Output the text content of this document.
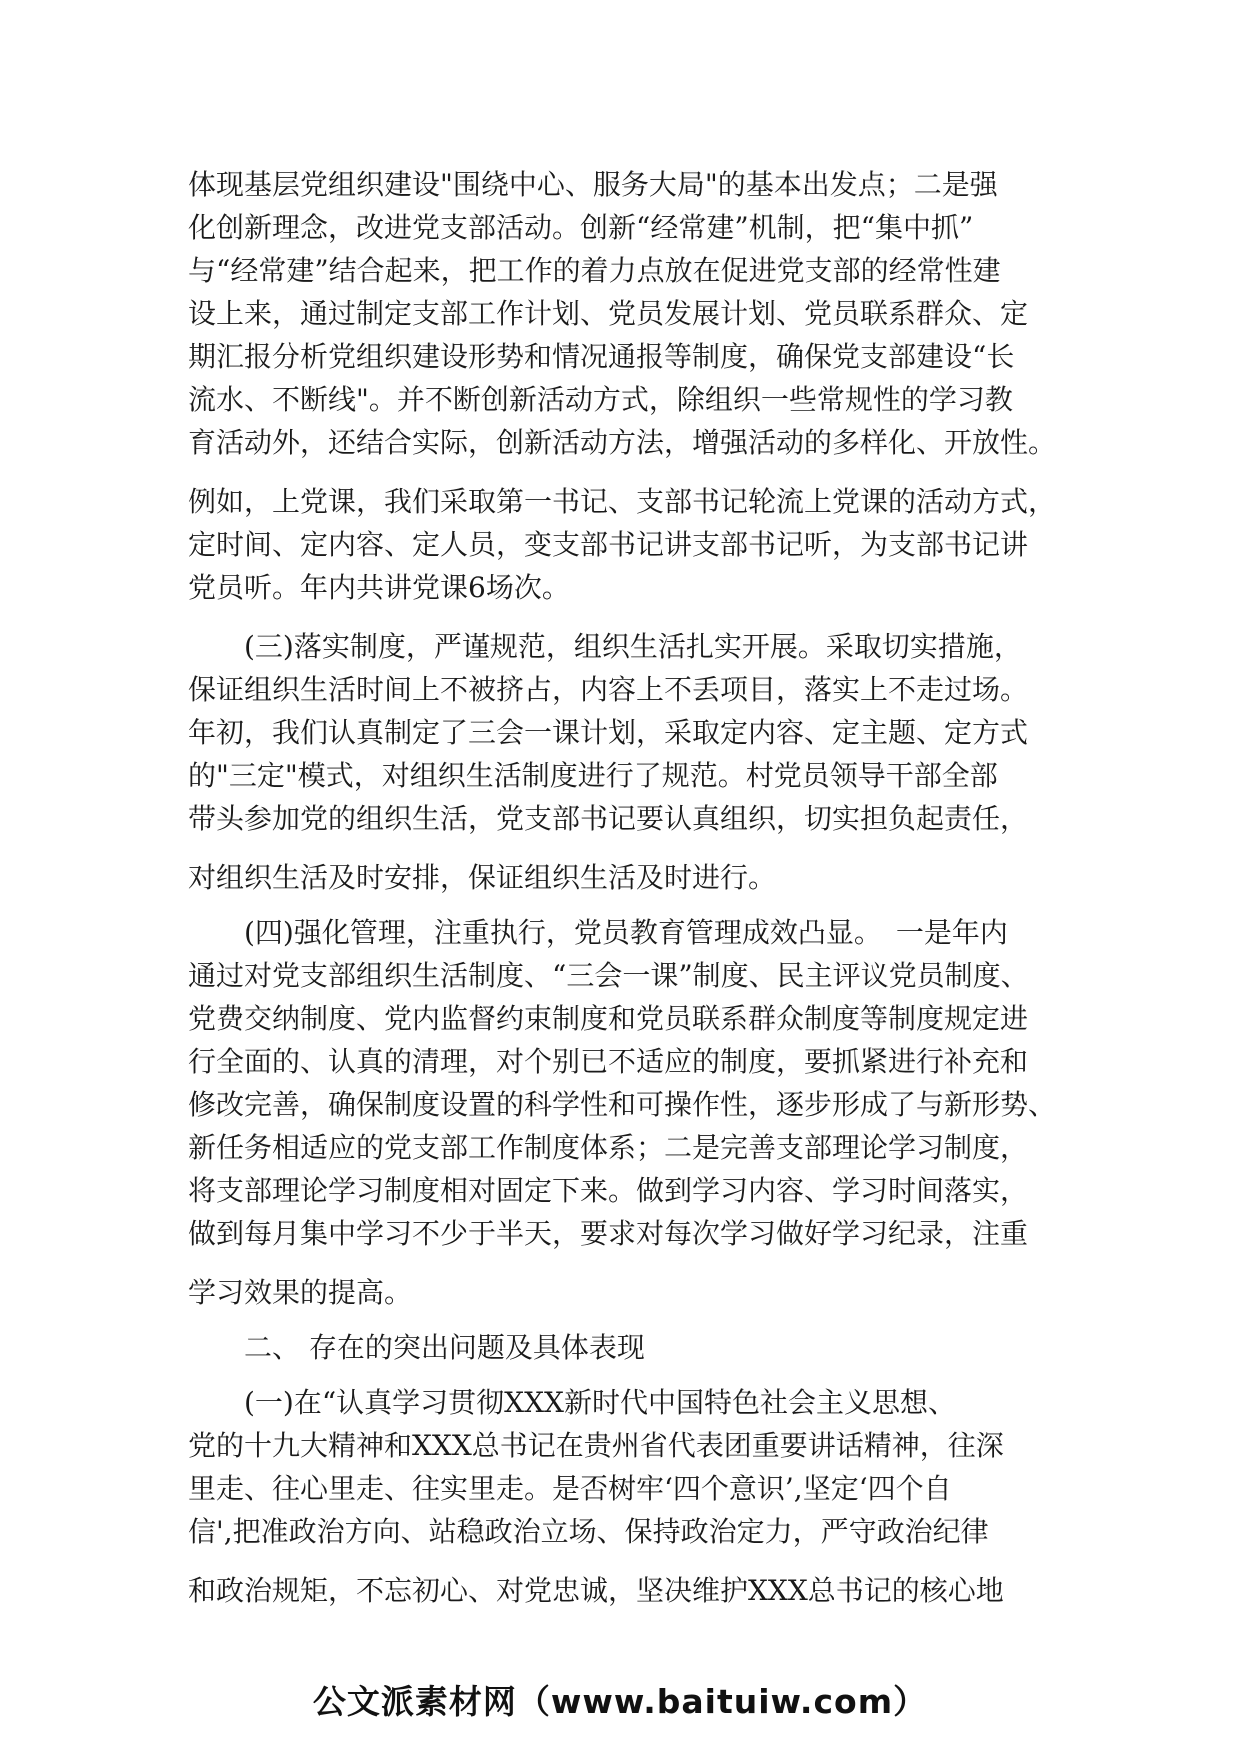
体现基层党组织建设"围绕中心、服务大局"的基本出发点；二是强
化创新理念，改进党支部活动。创新“经常建”机制，把“集中抓”
与“经常建”结合起来，把工作的着力点放在促进党支部的经常性建
设上来，通过制定支部工作计划、党员发展计划、党员联系群众、定
期汇报分析党组织建设形势和情况通报等制度，确保党支部建设“长
流水、不断线"。并不断创新活动方式，除组织一些常规性的学习教
育活动外，还结合实际，创新活动方法，增强活动的多样化、开放性。

例如，上党课，我们采取第一书记、支部书记轮流上党课的活动方式，
定时间、定内容、定人员，变支部书记讲支部书记听，为支部书记讲
党员听。年内共讲党课6场次。

　　(三)落实制度，严谨规范，组织生活扎实开展。采取切实措施，
保证组织生活时间上不被挤占，内容上不丢项目，落实上不走过场。
年初，我们认真制定了三会一课计划，采取定内容、定主题、定方式
的"三定"模式，对组织生活制度进行了规范。村党员领导干部全部
带头参加党的组织生活，党支部书记要认真组织，切实担负起责任，

对组织生活及时安排，保证组织生活及时进行。

　　(四)强化管理，注重执行，党员教育管理成效凸显。　一是年内
通过对党支部组织生活制度、“三会一课”制度、民主评议党员制度、
党费交纳制度、党内监督约束制度和党员联系群众制度等制度规定进
行全面的、认真的清理，对个别已不适应的制度，要抓紧进行补充和
修改完善，确保制度设置的科学性和可操作性，逐步形成了与新形势、
新任务相适应的党支部工作制度体系；二是完善支部理论学习制度，
将支部理论学习制度相对固定下来。做到学习内容、学习时间落实，
做到每月集中学习不少于半天，要求对每次学习做好学习纪录，注重

学习效果的提高。

　　二、 存在的突出问题及具体表现

　　(一)在“认真学习贯彻XXX新时代中国特色社会主义思想、
党的十九大精神和XXX总书记在贵州省代表团重要讲话精神，往深
里走、往心里走、往实里走。是否树牢‘四个意识’,坚定‘四个自
信',把准政治方向、站稳政治立场、保持政治定力，严守政治纪律

和政治规矩，不忘初心、对党忠诚，坚决维护XXX总书记的核心地

公文派素材网（www.baituiw.com）
